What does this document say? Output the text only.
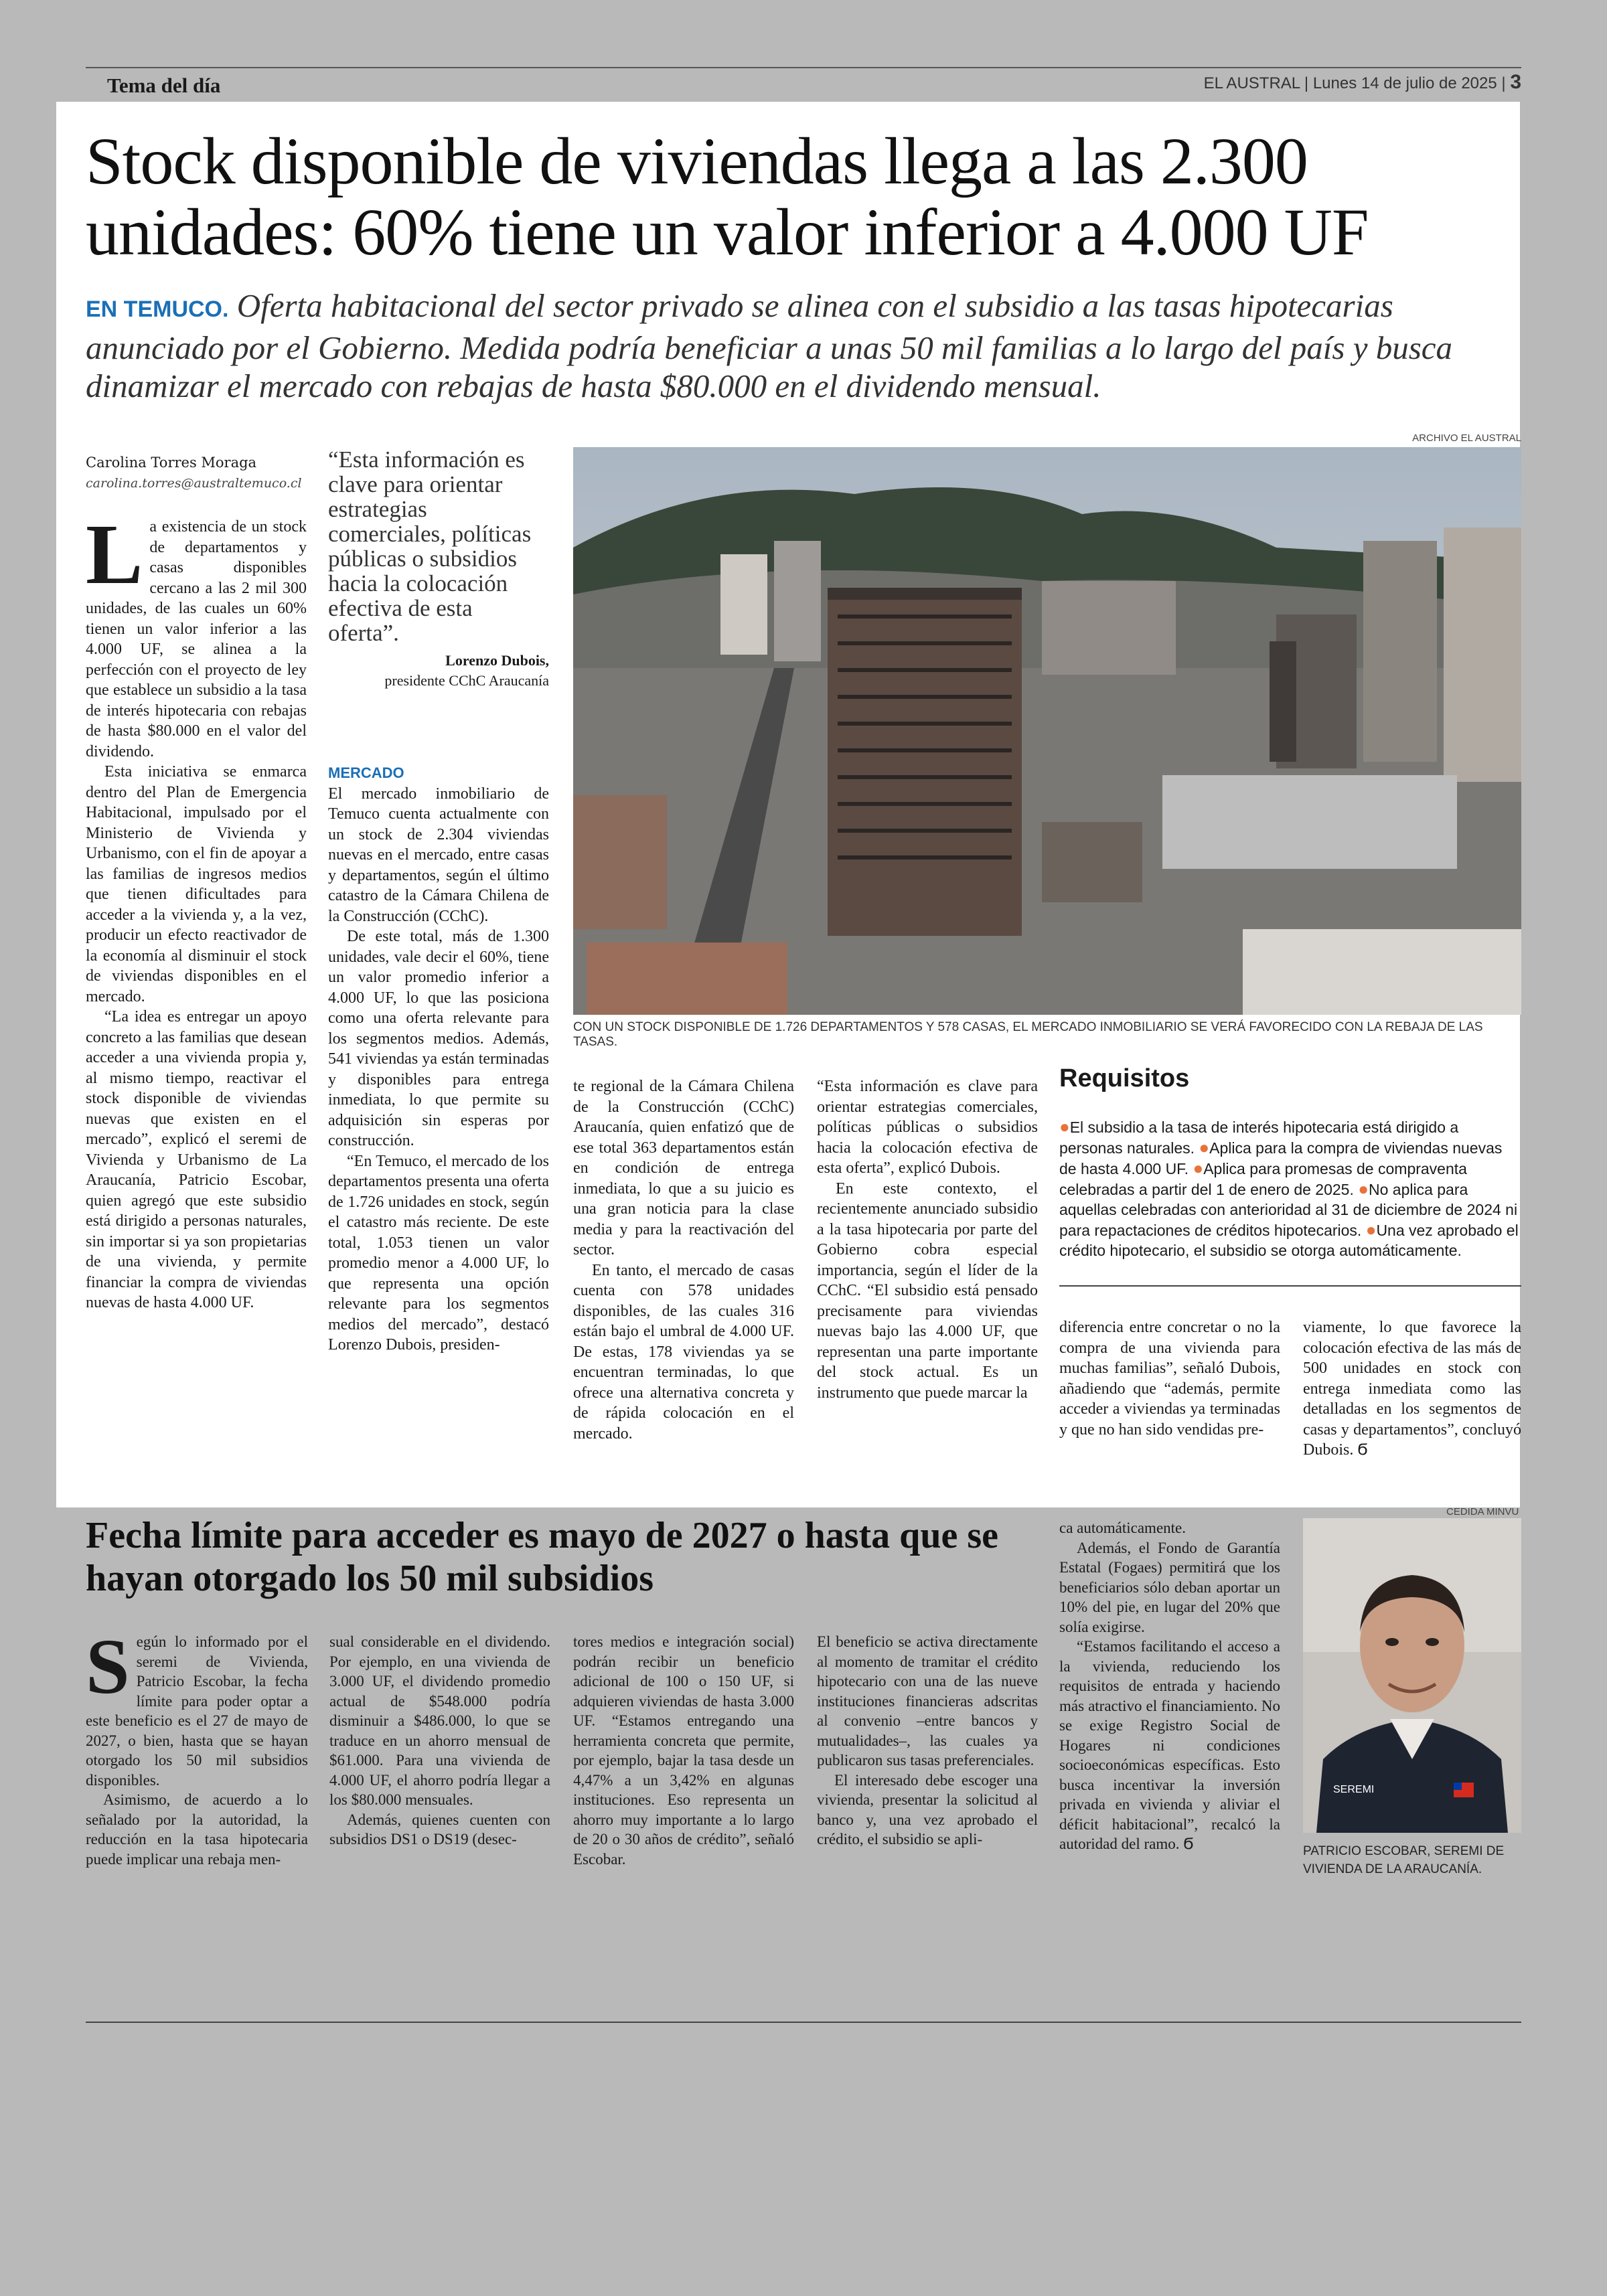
Tema del día	EL AUSTRAL | Lunes 14 de julio de 2025 | 3
Stock disponible de viviendas llega a las 2.300 unidades: 60% tiene un valor inferior a 4.000 UF
EN TEMUCO. Oferta habitacional del sector privado se alinea con el subsidio a las tasas hipotecarias anunciado por el Gobierno. Medida podría beneficiar a unas 50 mil familias a lo largo del país y busca dinamizar el mercado con rebajas de hasta $80.000 en el dividendo mensual.
Carolina Torres Moraga
carolina.torres@australtemuco.cl

La existencia de un stock de departamentos y casas disponibles cercano a las 2 mil 300 unidades, de las cuales un 60% tienen un valor inferior a las 4.000 UF, se alinea a la perfección con el proyecto de ley que establece un subsidio a la tasa de interés hipotecaria con rebajas de hasta $80.000 en el valor del dividendo.

Esta iniciativa se enmarca dentro del Plan de Emergencia Habitacional, impulsado por el Ministerio de Vivienda y Urbanismo, con el fin de apoyar a las familias de ingresos medios que tienen dificultades para acceder a la vivienda y, a la vez, producir un efecto reactivador de la economía al disminuir el stock de viviendas disponibles en el mercado.

“La idea es entregar un apoyo concreto a las familias que desean acceder a una vivienda propia y, al mismo tiempo, reactivar el stock disponible de viviendas nuevas que existen en el mercado”, explicó el seremi de Vivienda y Urbanismo de La Araucanía, Patricio Escobar, quien agregó que este subsidio está dirigido a personas naturales, sin importar si ya son propietarias de una vivienda, y permite financiar la compra de viviendas nuevas de hasta 4.000 UF.

“Esta información es clave para orientar estrategias comerciales, políticas públicas o subsidios hacia la colocación efectiva de esta oferta”.
Lorenzo Dubois,
presidente CChC Araucanía

MERCADO

El mercado inmobiliario de Temuco cuenta actualmente con un stock de 2.304 viviendas nuevas en el mercado, entre casas y departamentos, según el último catastro de la Cámara Chilena de la Construcción (CChC).

De este total, más de 1.300 unidades, vale decir el 60%, tiene un valor promedio inferior a 4.000 UF, lo que las posiciona como una oferta relevante para los segmentos medios. Además, 541 viviendas ya están terminadas y disponibles para entrega inmediata, lo que permite su adquisición sin esperas por construcción.

“En Temuco, el mercado de los departamentos presenta una oferta de 1.726 unidades en stock, según el catastro más reciente. De este total, 1.053 tienen un valor promedio menor a 4.000 UF, lo que representa una opción relevante para los segmentos medios del mercado”, destacó Lorenzo Dubois, presiden-

ARCHIVO EL AUSTRAL
CON UN STOCK DISPONIBLE DE 1.726 DEPARTAMENTOS Y 578 CASAS, EL MERCADO INMOBILIARIO SE VERÁ FAVORECIDO CON LA REBAJA DE LAS TASAS.

te regional de la Cámara Chilena de la Construcción (CChC) Araucanía, quien enfatizó que de ese total 363 departamentos están en condición de entrega inmediata, lo que a su juicio es una gran noticia para la clase media y para la reactivación del sector.

En tanto, el mercado de casas cuenta con 578 unidades disponibles, de las cuales 316 están bajo el umbral de 4.000 UF. De estas, 178 viviendas ya se encuentran terminadas, lo que ofrece una alternativa concreta y de rápida colocación en el mercado.

“Esta información es clave para orientar estrategias comerciales, políticas públicas o subsidios hacia la colocación efectiva de esta oferta”, explicó Dubois.

En este contexto, el recientemente anunciado subsidio a la tasa hipotecaria por parte del Gobierno cobra especial importancia, según el líder de la CChC. “El subsidio está pensado precisamente para viviendas nuevas bajo las 4.000 UF, que representan una parte importante del stock actual. Es un instrumento que puede marcar la

Requisitos
●El subsidio a la tasa de interés hipotecaria está dirigido a personas naturales. ●Aplica para la compra de viviendas nuevas de hasta 4.000 UF. ●Aplica para promesas de compraventa celebradas a partir del 1 de enero de 2025. ●No aplica para aquellas celebradas con anterioridad al 31 de diciembre de 2024 ni para repactaciones de créditos hipotecarios. ●Una vez aprobado el crédito hipotecario, el subsidio se otorga automáticamente.

diferencia entre concretar o no la compra de una vivienda para muchas familias”, señaló Dubois, añadiendo que “además, permite acceder a viviendas ya terminadas y que no han sido vendidas pre-

viamente, lo que favorece la colocación efectiva de las más de 500 unidades en stock con entrega inmediata como las detalladas en los segmentos de casas y departamentos”, concluyó Dubois. Ϭ

CEDIDA MINVU
Fecha límite para acceder es mayo de 2027 o hasta que se hayan otorgado los 50 mil subsidios

Según lo informado por el seremi de Vivienda, Patricio Escobar, la fecha límite para poder optar a este beneficio es el 27 de mayo de 2027, o bien, hasta que se hayan otorgado los 50 mil subsidios disponibles.

Asimismo, de acuerdo a lo señalado por la autoridad, la reducción en la tasa hipotecaria puede implicar una rebaja men-

sual considerable en el dividendo. Por ejemplo, en una vivienda de 3.000 UF, el dividendo promedio actual de $548.000 podría disminuir a $486.000, lo que se traduce en un ahorro mensual de $61.000. Para una vivienda de 4.000 UF, el ahorro podría llegar a los $80.000 mensuales.

Además, quienes cuenten con subsidios DS1 o DS19 (desec-

tores medios e integración social) podrán recibir un beneficio adicional de 100 o 150 UF, si adquieren viviendas de hasta 3.000 UF. “Estamos entregando una herramienta concreta que permite, por ejemplo, bajar la tasa desde un 4,47% a un 3,42% en algunas instituciones. Eso representa un ahorro muy importante a lo largo de 20 o 30 años de crédito”, señaló Escobar.

El beneficio se activa directamente al momento de tramitar el crédito hipotecario con una de las nueve instituciones financieras adscritas al convenio –entre bancos y mutualidades–, las cuales ya publicaron sus tasas preferenciales.

El interesado debe escoger una vivienda, presentar la solicitud al banco y, una vez aprobado el crédito, el subsidio se apli-

ca automáticamente.

Además, el Fondo de Garantía Estatal (Fogaes) permitirá que los beneficiarios sólo deban aportar un 10% del pie, en lugar del 20% que solía exigirse.

“Estamos facilitando el acceso a la vivienda, reduciendo los requisitos de entrada y haciendo más atractivo el financiamiento. No se exige Registro Social de Hogares ni condiciones socioeconómicas específicas. Esto busca incentivar la inversión privada en vivienda y aliviar el déficit habitacional”, recalcó la autoridad del ramo. Ϭ

SEREMI
PATRICIO ESCOBAR, SEREMI DE VIVIENDA DE LA ARAUCANÍA.
